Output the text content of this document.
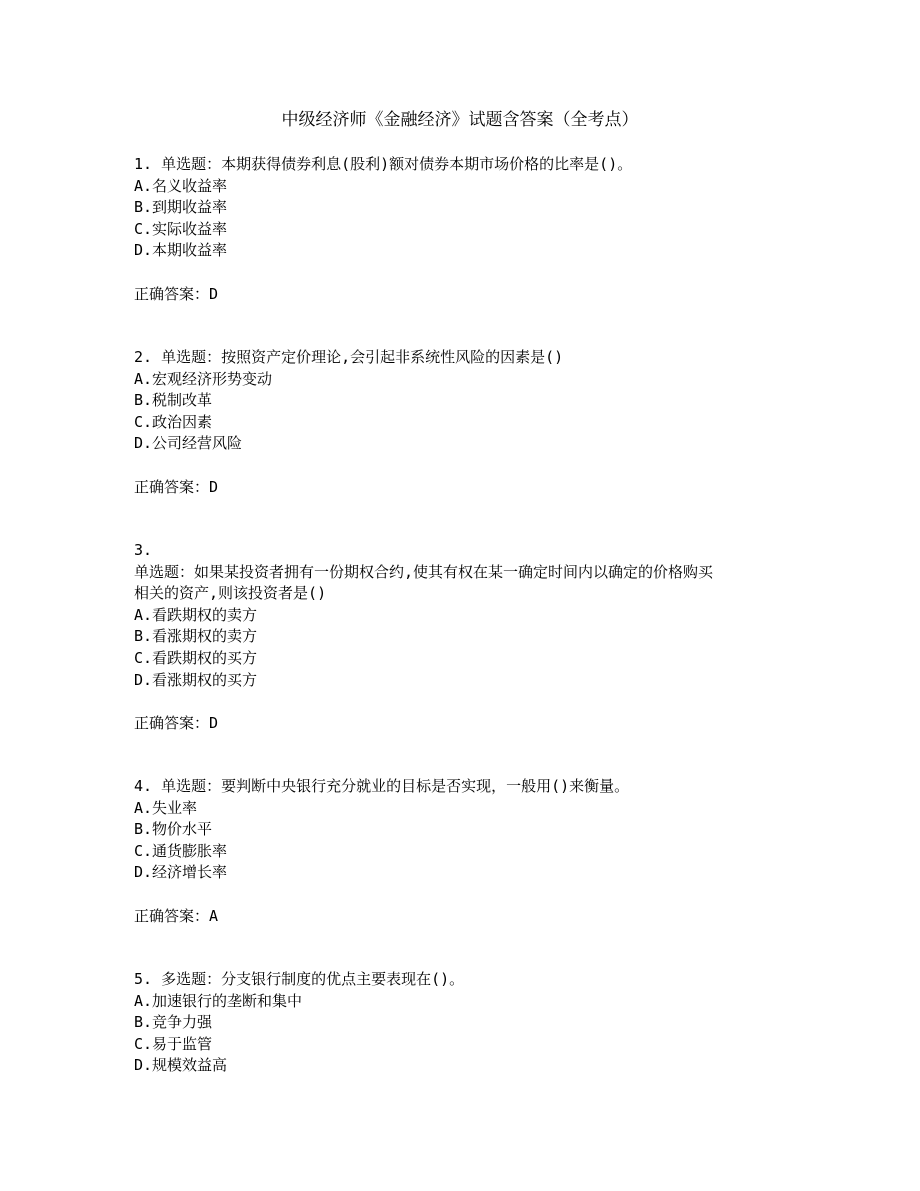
中级经济师《金融经济》试题含答案（全考点）
1. 单选题：本期获得债券利息(股利)额对债券本期市场价格的比率是()。
A.名义收益率
B.到期收益率
C.实际收益率
D.本期收益率
正确答案：D
2. 单选题：按照资产定价理论,会引起非系统性风险的因素是()
A.宏观经济形势变动
B.税制改革
C.政治因素
D.公司经营风险
正确答案：D
3.
单选题：如果某投资者拥有一份期权合约,使其有权在某一确定时间内以确定的价格购买
相关的资产,则该投资者是()
A.看跌期权的卖方
B.看涨期权的卖方
C.看跌期权的买方
D.看涨期权的买方
正确答案：D
4. 单选题：要判断中央银行充分就业的目标是否实现，一般用()来衡量。
A.失业率
B.物价水平
C.通货膨胀率
D.经济增长率
正确答案：A
5. 多选题：分支银行制度的优点主要表现在()。
A.加速银行的垄断和集中
B.竞争力强
C.易于监管
D.规模效益高
